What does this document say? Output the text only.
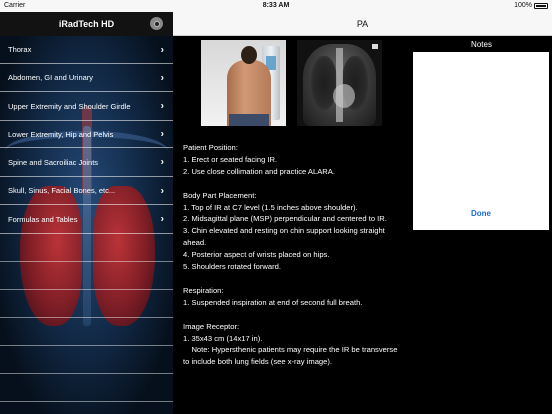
Carrier	8:33 AM	100%
iRadTech HD
Thorax	›
Abdomen, GI and Urinary	›
Upper Extremity and Shoulder Girdle	›
Lower Extremity, Hip and Pelvis	›
Spine and Sacroiliac Joints	›
Skull, Sinus, Facial Bones, etc...	›
Formulas and Tables	›
PA
Patient Position:
1. Erect or seated facing IR.
2. Use close collimation and practice ALARA.

Body Part Placement:
1. Top of IR at C7 level (1.5 inches above shoulder).
2. Midsagittal plane (MSP) perpendicular and centered to IR.
3. Chin elevated and resting on chin support looking straight ahead.
4. Posterior aspect of wrists placed on hips.
5. Shoulders rotated forward.

Respiration:
1. Suspended inspiration at end of second full breath.

Image Receptor:
1. 35x43 cm (14x17 in).
Note: Hypersthenic patients may require the IR be transverse to include both lung fields (see x-ray image).
Notes
Done
